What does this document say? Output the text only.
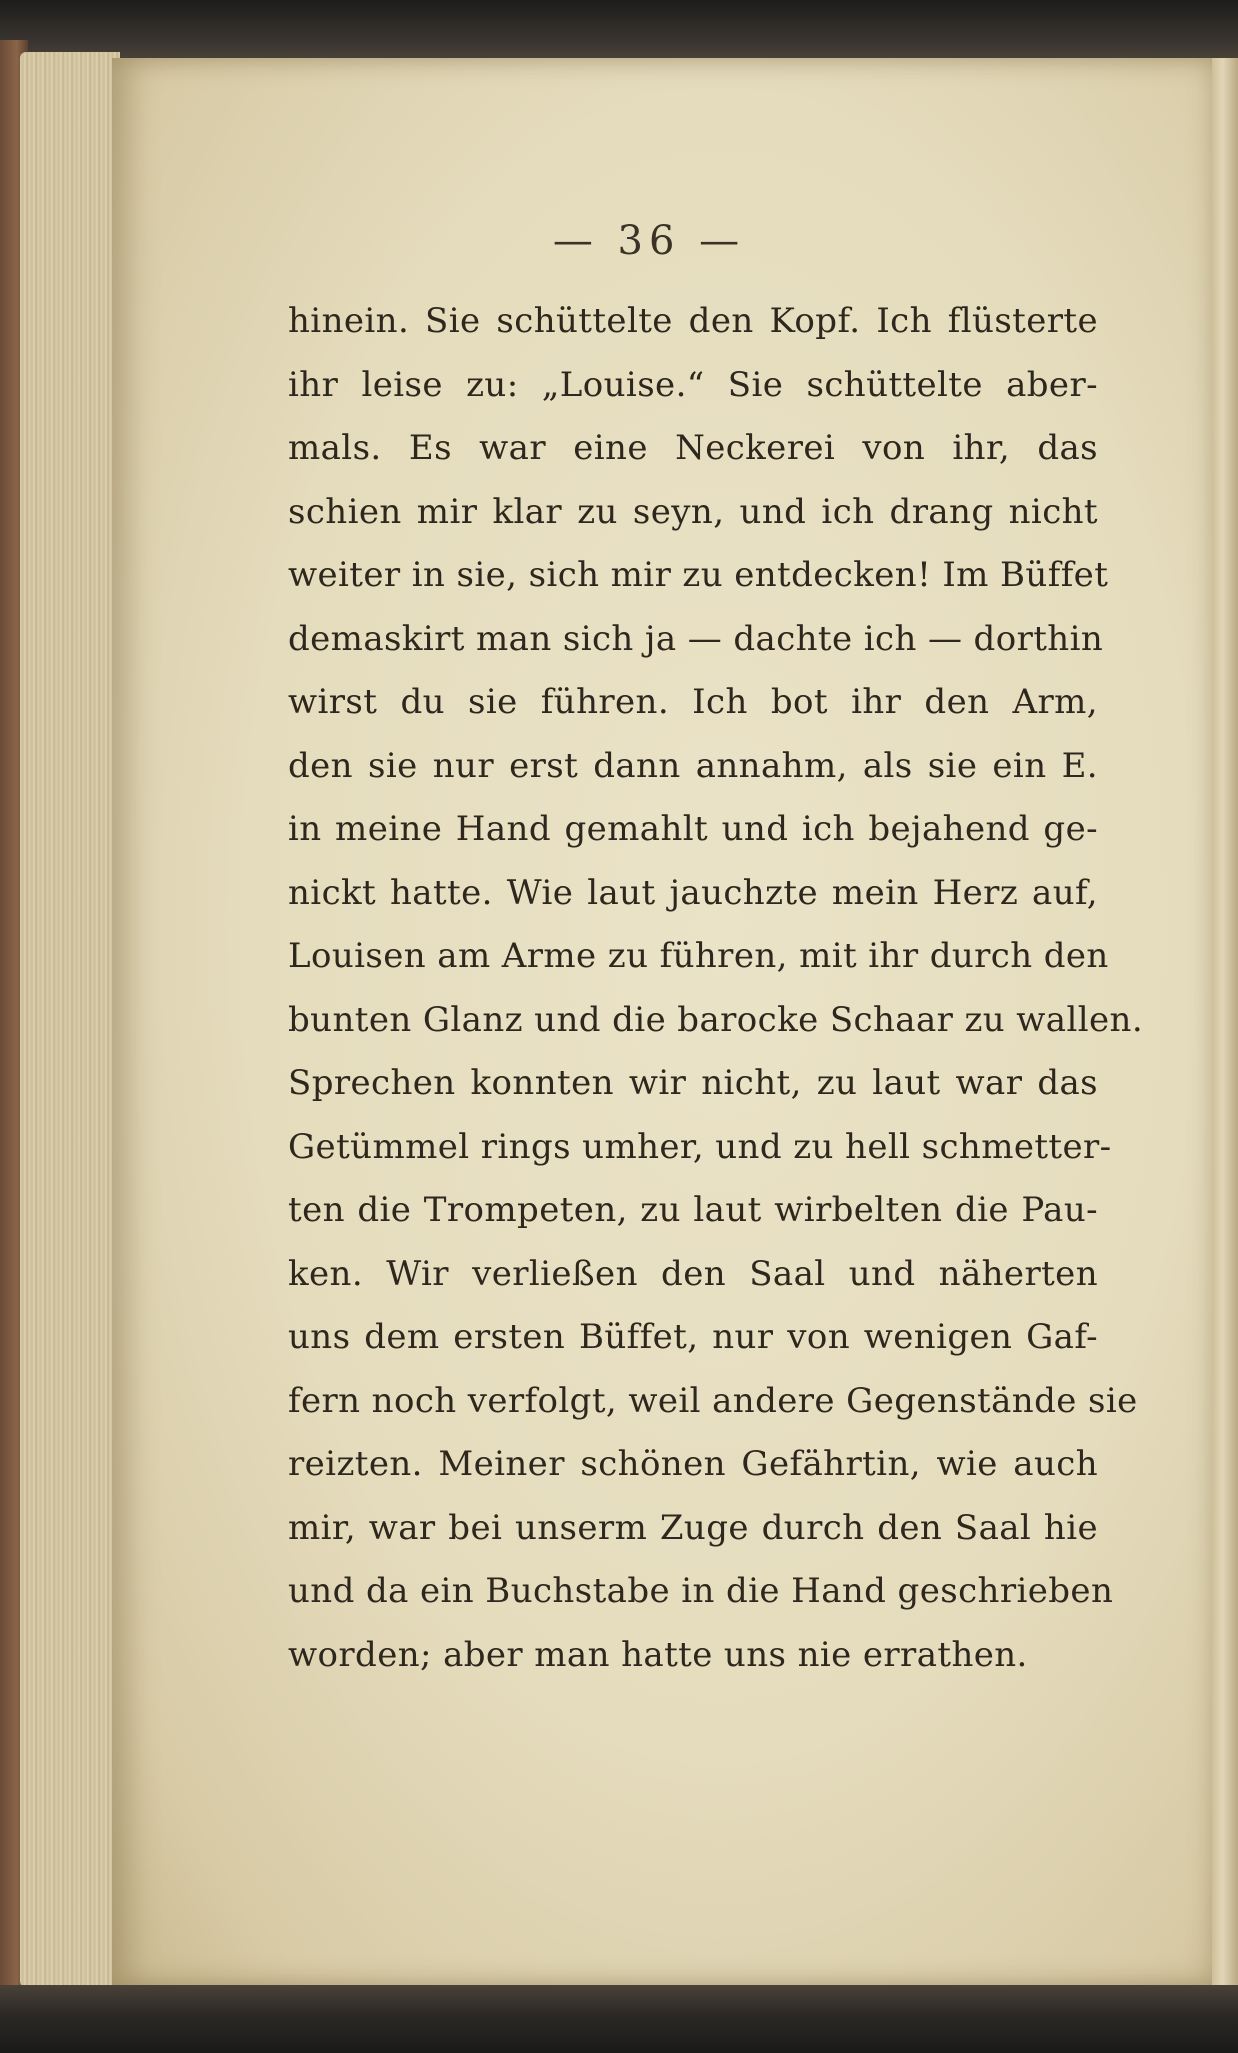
— 36 —
hinein. Sie schüttelte den Kopf. Ich flüsterte
ihr leise zu: „Louise.“ Sie schüttelte aber-
mals. Es war eine Neckerei von ihr, das
schien mir klar zu seyn, und ich drang nicht
weiter in sie, sich mir zu entdecken! Im Büffet
demaskirt man sich ja — dachte ich — dorthin
wirst du sie führen. Ich bot ihr den Arm,
den sie nur erst dann annahm, als sie ein E.
in meine Hand gemahlt und ich bejahend ge-
nickt hatte. Wie laut jauchzte mein Herz auf,
Louisen am Arme zu führen, mit ihr durch den
bunten Glanz und die barocke Schaar zu wallen.
Sprechen konnten wir nicht, zu laut war das
Getümmel rings umher, und zu hell schmetter-
ten die Trompeten, zu laut wirbelten die Pau-
ken. Wir verließen den Saal und näherten
uns dem ersten Büffet, nur von wenigen Gaf-
fern noch verfolgt, weil andere Gegenstände sie
reizten. Meiner schönen Gefährtin, wie auch
mir, war bei unserm Zuge durch den Saal hie
und da ein Buchstabe in die Hand geschrieben
worden; aber man hatte uns nie errathen.
